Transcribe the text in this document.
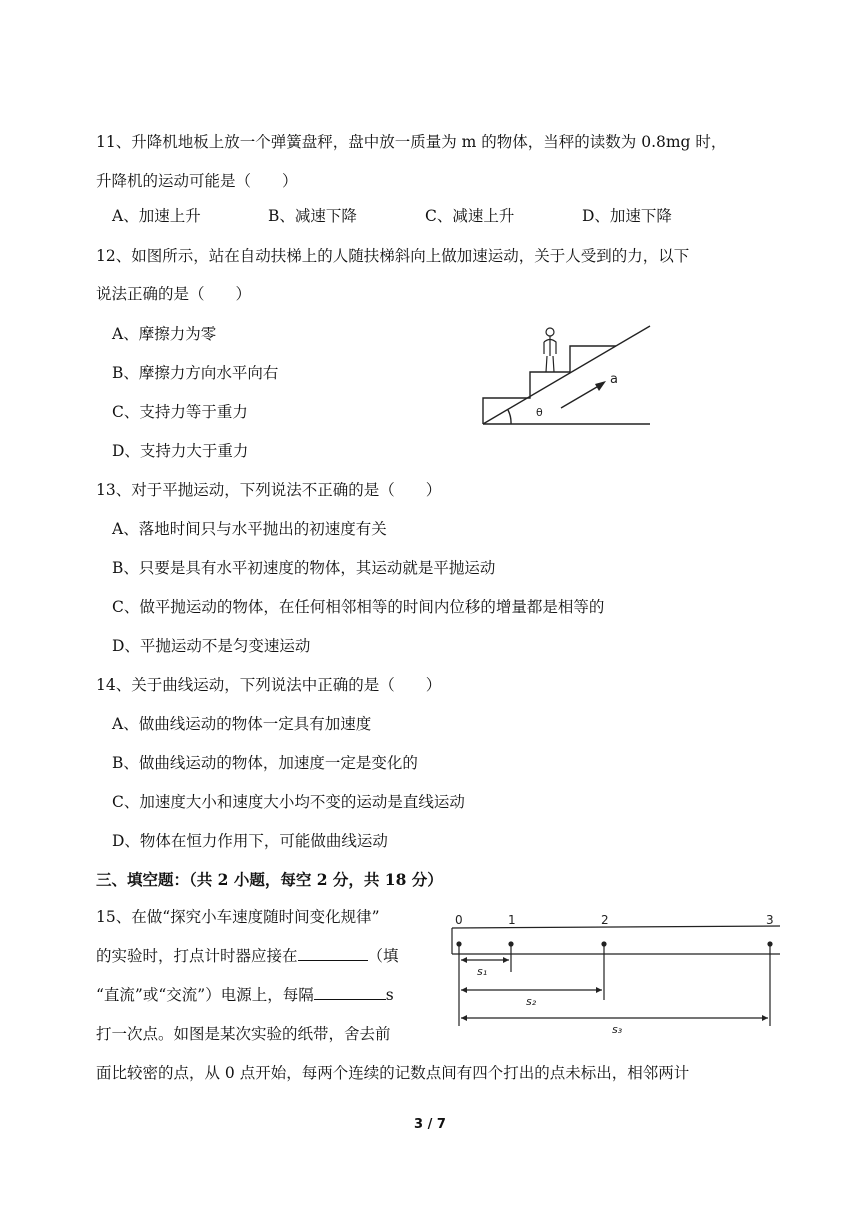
11、升降机地板上放一个弹簧盘秤，盘中放一质量为 m 的物体，当秤的读数为 0.8mg 时，
升降机的运动可能是（　　）
A、加速上升	B、减速下降	C、减速上升	D、加速下降
12、如图所示，站在自动扶梯上的人随扶梯斜向上做加速运动，关于人受到的力，以下
说法正确的是（　　）
A、摩擦力为零
B、摩擦力方向水平向右
C、支持力等于重力
D、支持力大于重力
a
θ
13、对于平抛运动，下列说法不正确的是（　　）
A、落地时间只与水平抛出的初速度有关
B、只要是具有水平初速度的物体，其运动就是平抛运动
C、做平抛运动的物体，在任何相邻相等的时间内位移的增量都是相等的
D、平抛运动不是匀变速运动
14、关于曲线运动，下列说法中正确的是（　　）
A、做曲线运动的物体一定具有加速度
B、做曲线运动的物体，加速度一定是变化的
C、加速度大小和速度大小均不变的运动是直线运动
D、物体在恒力作用下，可能做曲线运动
三、填空题：（共 2 小题，每空 2 分，共 18 分）
15、在做“探究小车速度随时间变化规律”
的实验时，打点计时器应接在	（填
“直流”或“交流”）电源上，每隔	s
打一次点。如图是某次实验的纸带，舍去前
面比较密的点，从 0 点开始，每两个连续的记数点间有四个打出的点未标出，相邻两计
0	1	2	3
s₁
s₂
s₃
3 / 7
